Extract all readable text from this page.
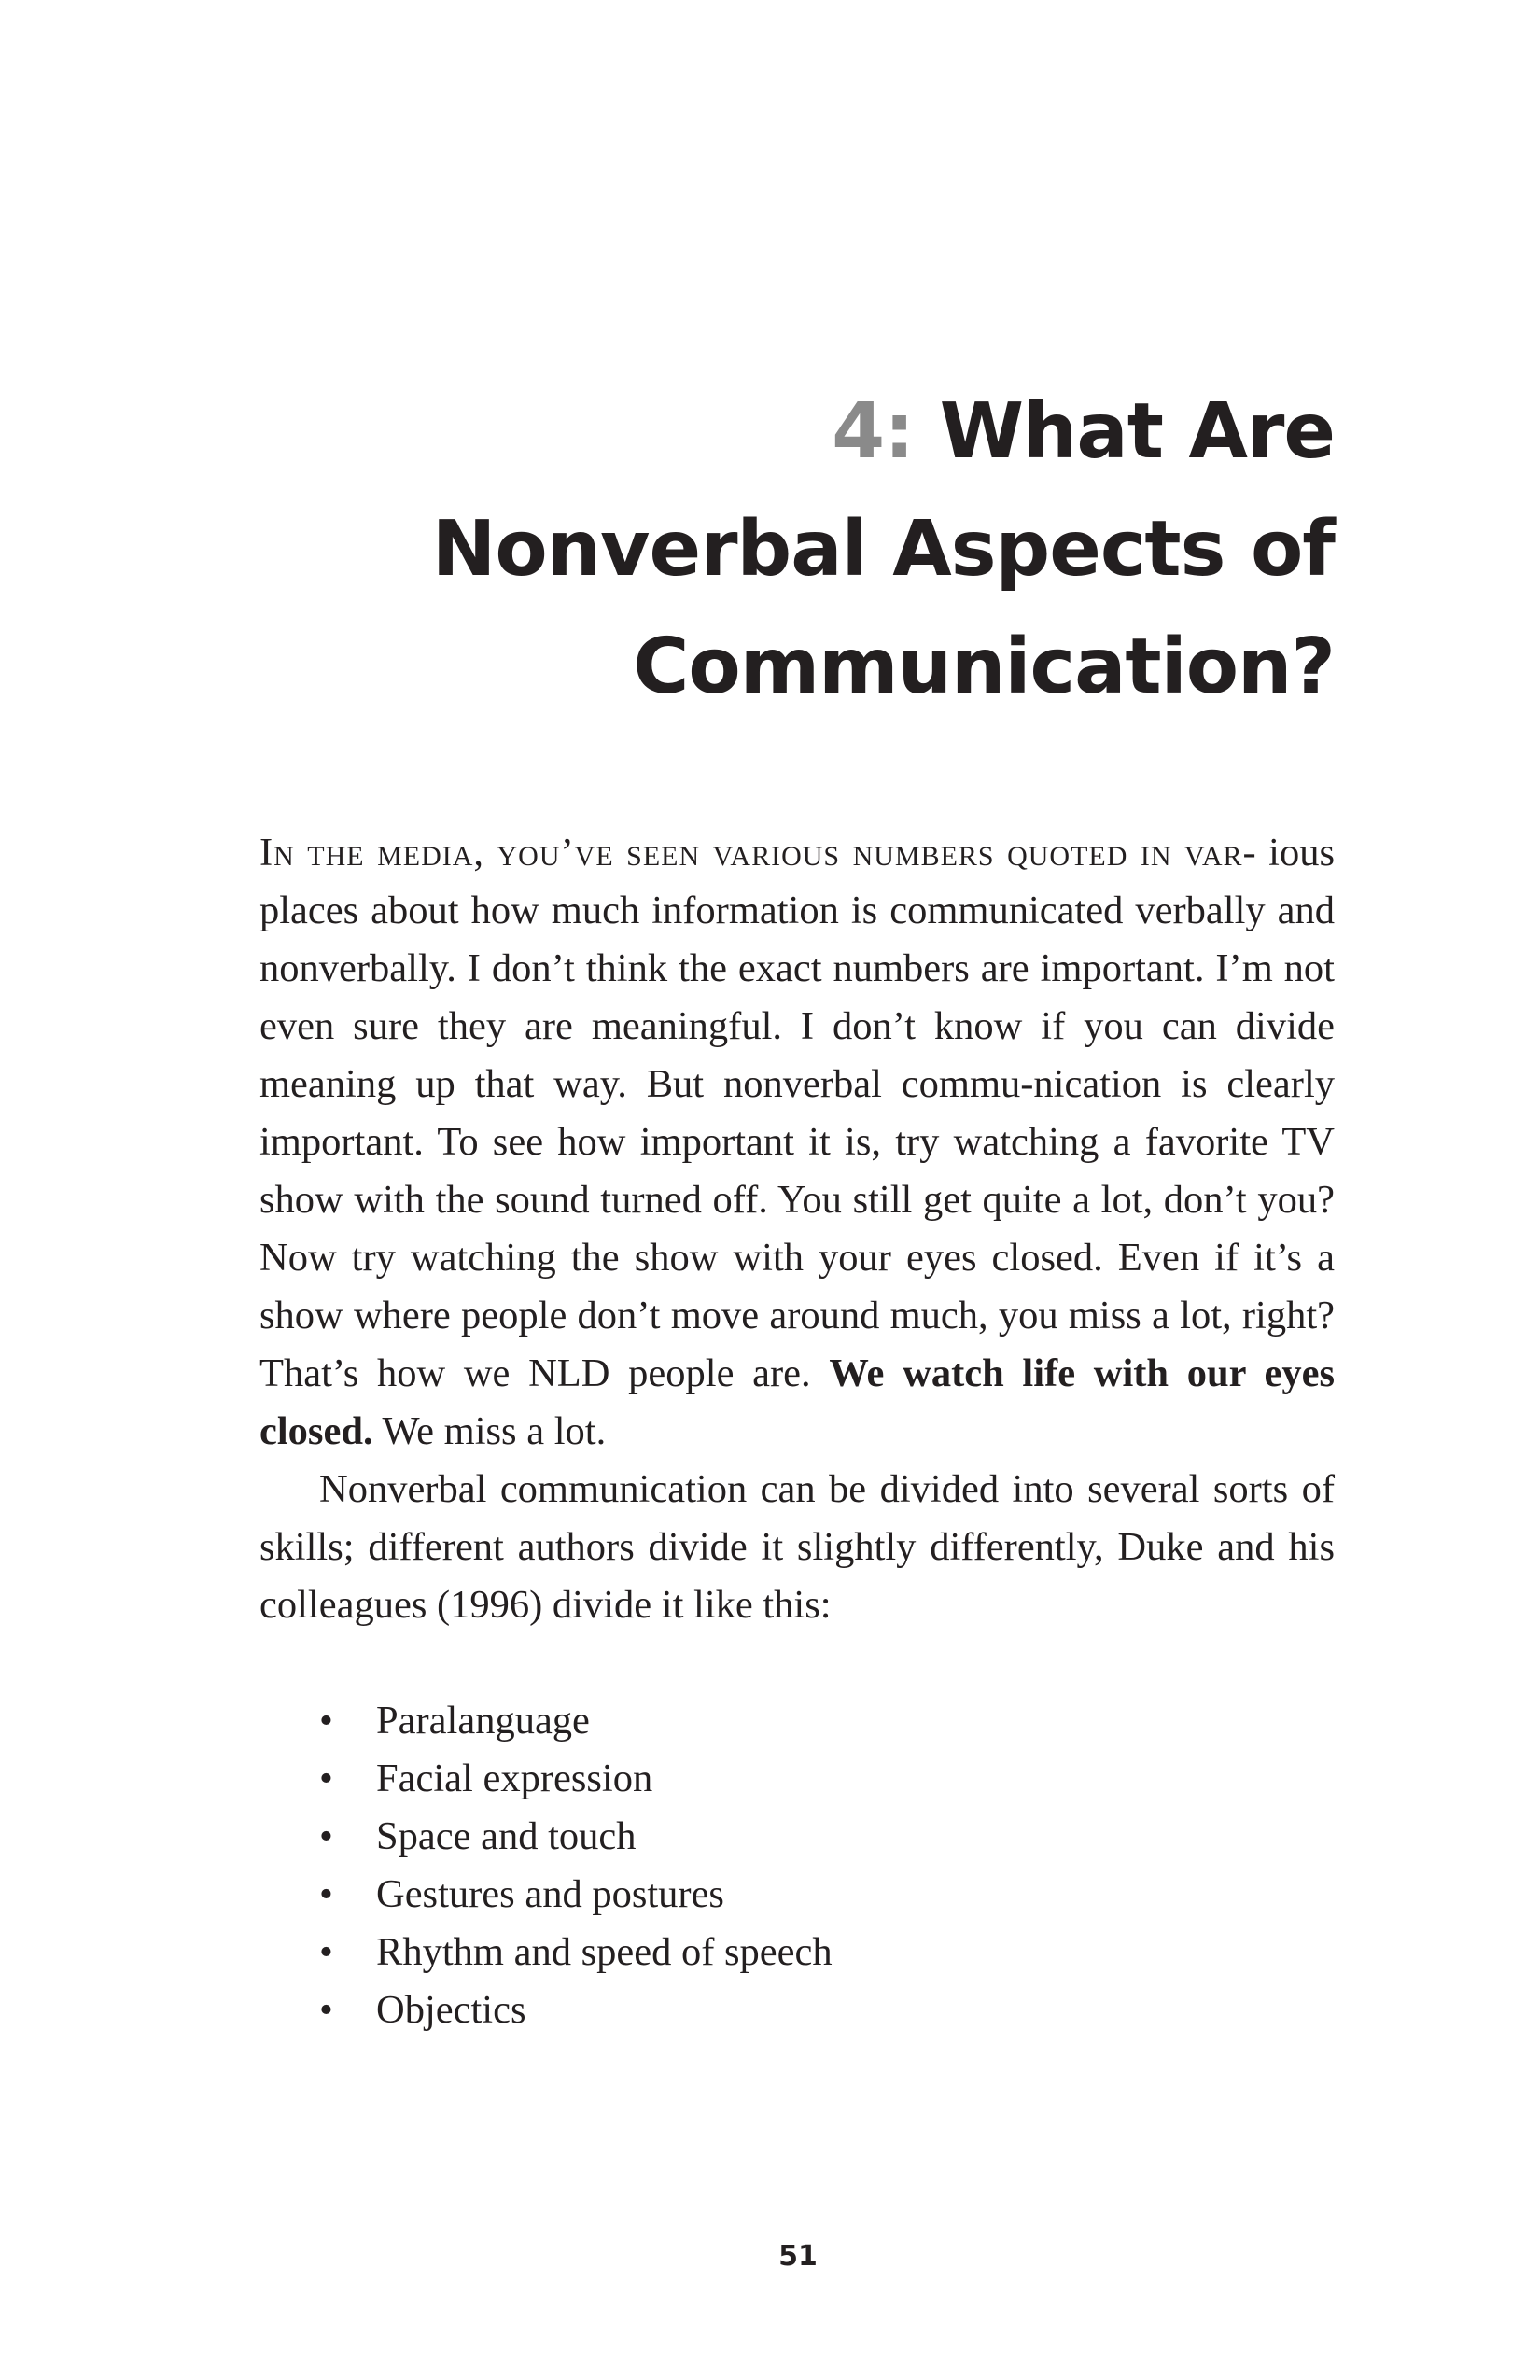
4: What Are
Nonverbal Aspects of
Communication?

In the media, you’ve seen various numbers quoted in var- ious places about how much information is communicated verbally and nonverbally. I don’t think the exact numbers are important. I’m not even sure they are meaningful. I don’t know if you can divide meaning up that way. But nonverbal commu-nication is clearly important. To see how important it is, try watching a favorite TV show with the sound turned off. You still get quite a lot, don’t you? Now try watching the show with your eyes closed. Even if it’s a show where people don’t move around much, you miss a lot, right? That’s how we NLD people are. We watch life with our eyes closed. We miss a lot.

Nonverbal communication can be divided into several sorts of skills; different authors divide it slightly differently, Duke and his colleagues (1996) divide it like this:

• Paralanguage
• Facial expression
• Space and touch
• Gestures and postures
• Rhythm and speed of speech
• Objectics
51
